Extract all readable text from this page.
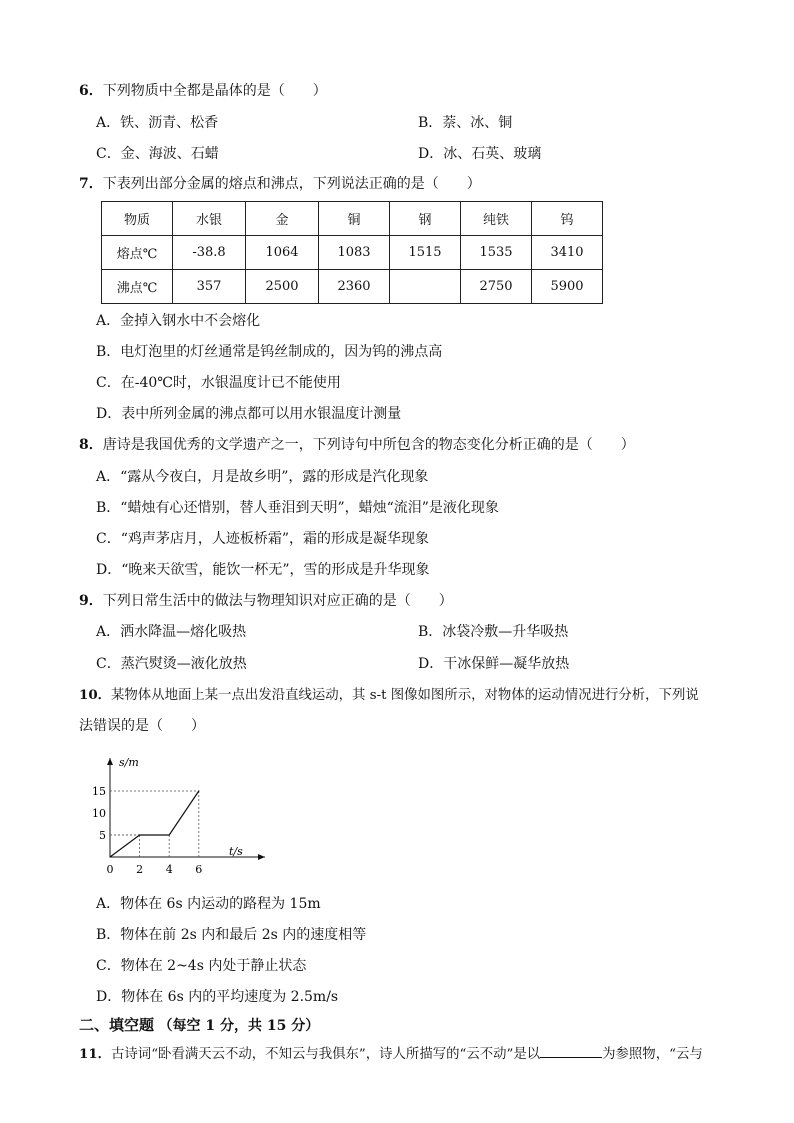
6．下列物质中全都是晶体的是（　　）
A．铁、沥青、松香	B．萘、冰、铜
C．金、海波、石蜡	D．冰、石英、玻璃
7．下表列出部分金属的熔点和沸点，下列说法正确的是（　　）
物质	水银	金	铜	钢	纯铁	钨
熔点℃	-38.8	1064	1083	1515	1535	3410
沸点℃	357	2500	2360		2750	5900
A．金掉入钢水中不会熔化
B．电灯泡里的灯丝通常是钨丝制成的，因为钨的沸点高
C．在-40℃时，水银温度计已不能使用
D．表中所列金属的沸点都可以用水银温度计测量
8．唐诗是我国优秀的文学遗产之一，下列诗句中所包含的物态变化分析正确的是（　　）
A．“露从今夜白，月是故乡明”，露的形成是汽化现象
B．“蜡烛有心还惜别，替人垂泪到天明”，蜡烛“流泪”是液化现象
C．“鸡声茅店月，人迹板桥霜”，霜的形成是凝华现象
D．“晚来天欲雪，能饮一杯无”，雪的形成是升华现象
9．下列日常生活中的做法与物理知识对应正确的是（　　）
A．洒水降温—熔化吸热	B．冰袋冷敷—升华吸热
C．蒸汽熨烫—液化放热	D．干冰保鲜—凝华放热
10．某物体从地面上某一点出发沿直线运动，其 s-t 图像如图所示，对物体的运动情况进行分析，下列说
法错误的是（　　）
s/m
t/s
0 2 4 6
5
10
15
A．物体在 6s 内运动的路程为 15m
B．物体在前 2s 内和最后 2s 内的速度相等
C．物体在 2~4s 内处于静止状态
D．物体在 6s 内的平均速度为 2.5m/s
二、填空题 （每空 1 分，共 15 分）
11．古诗词“卧看满天云不动，不知云与我俱东”，诗人所描写的“云不动”是以	为参照物，“云与
